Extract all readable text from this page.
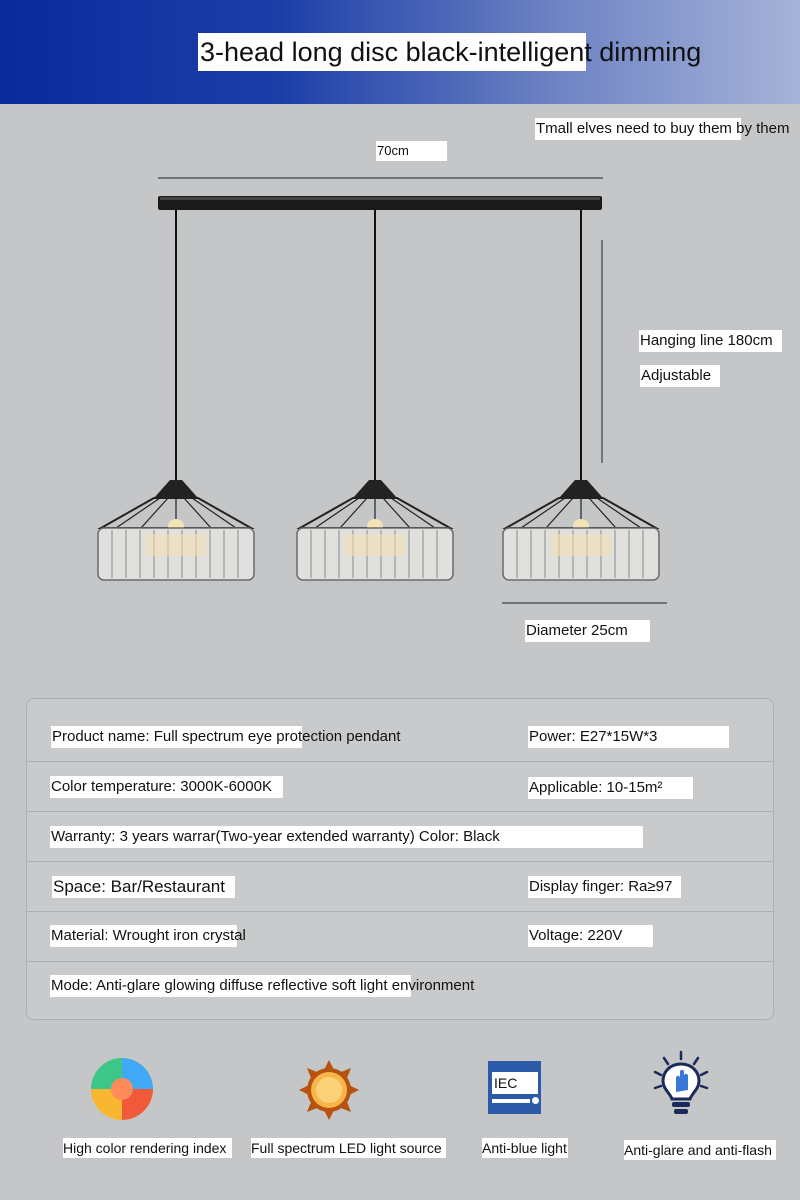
3-head long disc black-intelligent dimming
Tmall elves need to buy them by them
70cm
Hanging line 180cm
Adjustable
Diameter 25cm
Product name: Full spectrum eye protection pendant	Power: E27*15W*3
Color temperature: 3000K-6000K	Applicable: 10-15m²
Warranty: 3 years warrar(Two-year extended warranty) Color: Black
Space: Bar/Restaurant	Display finger: Ra≥97
Material: Wrought iron crystal	Voltage: 220V
Mode: Anti-glare glowing diffuse reflective soft light environment
High color rendering index	Full spectrum LED light source
IEC
Anti-blue light	Anti-glare and anti-flash
